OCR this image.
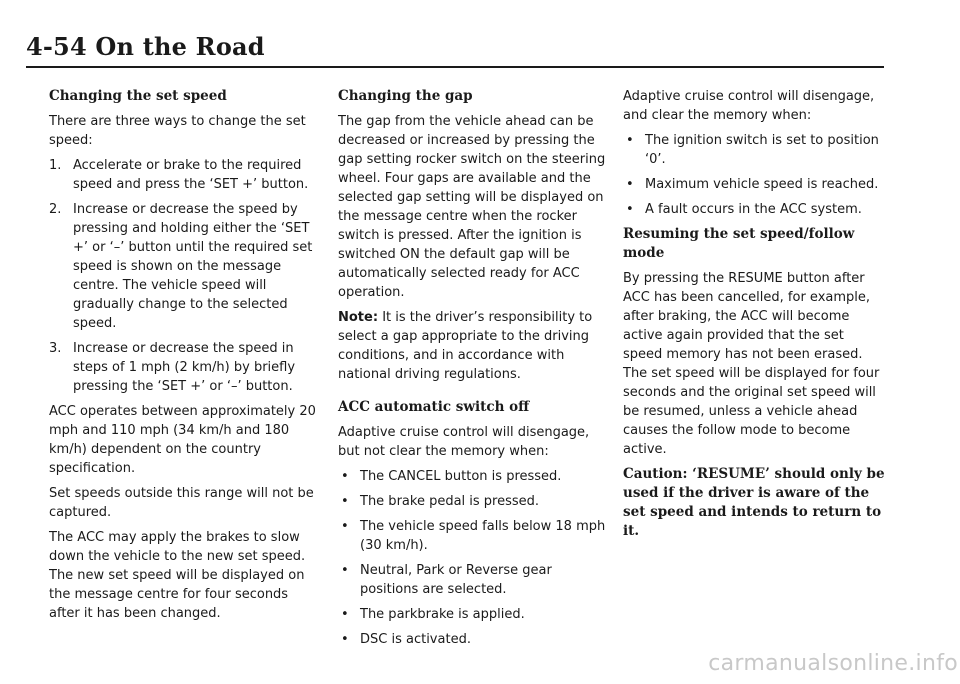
4-54 On the Road
Changing the set speed

There are three ways to change the set speed:

1. Accelerate or brake to the required speed and press the ‘SET +’ button.
2. Increase or decrease the speed by pressing and holding either the ‘SET +’ or ‘–’ button until the required set speed is shown on the message centre. The vehicle speed will gradually change to the selected speed.
3. Increase or decrease the speed in steps of 1 mph (2 km/h) by briefly pressing the ‘SET +’ or ‘–’ button.

ACC operates between approximately 20 mph and 110 mph (34 km/h and 180 km/h) dependent on the country specification.

Set speeds outside this range will not be captured.

The ACC may apply the brakes to slow down the vehicle to the new set speed. The new set speed will be displayed on the message centre for four seconds after it has been changed.

Changing the gap

The gap from the vehicle ahead can be decreased or increased by pressing the gap setting rocker switch on the steering wheel. Four gaps are available and the selected gap setting will be displayed on the message centre when the rocker switch is pressed. After the ignition is switched ON the default gap will be automatically selected ready for ACC operation.

Note: It is the driver’s responsibility to select a gap appropriate to the driving conditions, and in accordance with national driving regulations.

ACC automatic switch off

Adaptive cruise control will disengage, but not clear the memory when:

• The CANCEL button is pressed.
• The brake pedal is pressed.
• The vehicle speed falls below 18 mph (30 km/h).
• Neutral, Park or Reverse gear positions are selected.
• The parkbrake is applied.
• DSC is activated.

Adaptive cruise control will disengage, and clear the memory when:

• The ignition switch is set to position ‘0’.
• Maximum vehicle speed is reached.
• A fault occurs in the ACC system.
Resuming the set speed/follow mode

By pressing the RESUME button after ACC has been cancelled, for example, after braking, the ACC will become active again provided that the set speed memory has not been erased. The set speed will be displayed for four seconds and the original set speed will be resumed, unless a vehicle ahead causes the follow mode to become active.

Caution: ‘RESUME’ should only be used if the driver is aware of the set speed and intends to return to it.

carmanualsonline.info
